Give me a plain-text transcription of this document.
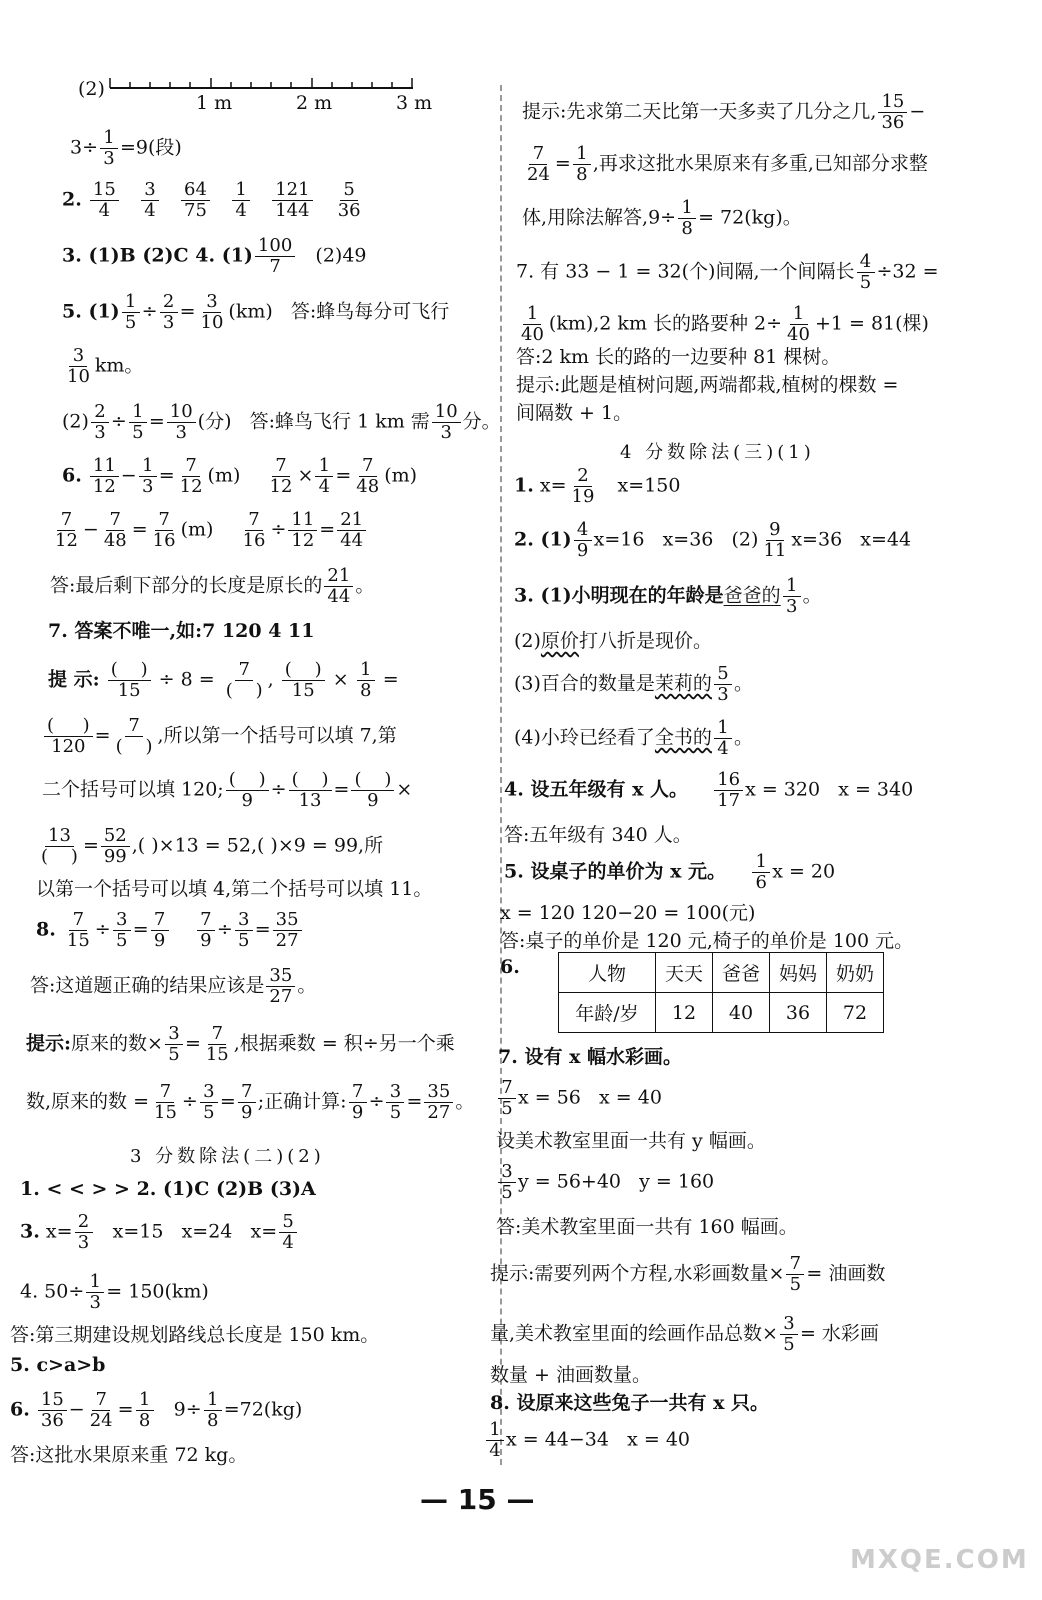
(2)
1 m	2 m	3 m
$3\div \frac{1}{3} =9$(段)
2. $\frac{15}{4}$
$\frac{3}{4}$
$\frac{64}{75}$
$\frac{1}{4}$
$\frac{121}{144}$
$\frac{5}{36}$
3. (1)B (2)C 4. $(1) \frac{100}{7} (2)49$
5. $(1) \frac{1}{5} \div \frac{2}{3} = \frac{3}{10} (km)$   答:蜂鸟每分可飞行
$\frac{3}{10}$ km。
$(2) \frac{2}{3} \div \frac{1}{5} = \frac{10}{3}$ (分)   答:蜂鸟飞行 1 km 需 $\frac{10}{3}$ 分。
6. $\frac{11}{12} - \frac{1}{3} = \frac{7}{12} (m) \frac{7}{12} \times \frac{1}{4} = \frac{7}{48} (m)$
$\frac{7}{12} - \frac{7}{48} = \frac{7}{16} (m) \frac{7}{16} \div \frac{11}{12} = \frac{21}{44}$
答:最后剩下部分的长度是原长的 $\frac{21}{44}$ 。
7. 答案不唯一,如:7 120 4 11
提 示: $\frac{( )}{15} \div 8 = \frac{7}{( )}$ , $\frac{( )}{15} \times \frac{1}{8}$ =
$\frac{( )}{120} = \frac{7}{( )}$ ,所以第一个括号可以填 7,第
二个括号可以填 120; $\frac{( )}{9} \div \frac{( )}{13} = \frac{( )}{9}$ ×
$\frac{13}{( )} = \frac{52}{99}$ ,( )×13 = 52,( )×9 = 99,所
以第一个括号可以填 4,第二个括号可以填 11。
8. $\frac{7}{15} \div \frac{3}{5} = \frac{7}{9}$
$\frac{7}{9} \div \frac{3}{5} = \frac{35}{27}$
答:这道题正确的结果应该是 $\frac{35}{27}$ 。
提示:原来的数× $\frac{3}{5} = \frac{7}{15}$ ,根据乘数 = 积÷另一个乘
数,原来的数 = $\frac{7}{15} \div \frac{3}{5} = \frac{7}{9}$ ;正确计算: $\frac{7}{9} \div \frac{3}{5} = \frac{35}{27}$ 。
3 分数除法(二)(2)
1. < < > > 2. (1)C (2)B (3)A
3. $x= \frac{2}{3} x=15$   x=24   $x= \frac{5}{4}$
4. $50\div \frac{1}{3} = 150(km)$
答:第三期建设规划路线总长度是 150 km。
5. c>a>b
6. $\frac{15}{36} - \frac{7}{24} = \frac{1}{8} 9\div \frac{1}{8} =72(kg)$
答:这批水果原来重 72 kg。
提示:先求第二天比第一天多卖了几分之几, $\frac{15}{36}$ −
$\frac{7}{24} = \frac{1}{8}$ ,再求这批水果原来有多重,已知部分求整
体,用除法解答$,9\div \frac{1}{8} = 72(kg)$。
7. 有 33 − 1 = 32(个)间隔,一个间隔长 $\frac{4}{5} \div 32$ =
$\frac{1}{40} (km),2$ km 长的路要种 $2\div \frac{1}{40} +1 = 81$(棵)
答:2 km 长的路的一边要种 81 棵树。
提示:此题是植树问题,两端都栽,植树的棵数 =
间隔数 + 1。
4 分数除法(三)(1)
1. $x= \frac{2}{19} x=150$
2. $(1) \frac{4}{9} x=16$   x=36   $(2) \frac{9}{11} x=36$   x=44
3. (1)小明现在的年龄是爸爸的 $\frac{1}{3}$ 。
(2)原价打八折是现价。
(3)百合的数量是茉莉的 $\frac{5}{3}$ 。
(4)小玲已经看了全书的 $\frac{1}{4}$ 。
4. 设五年级有 x 人。 $\frac{16}{17}$ x = 320   x = 340
答:五年级有 340 人。
5. 设桌子的单价为 x 元。 $\frac{1}{6}$ x = 20
x = 120 120−20 = 100(元)
答:桌子的单价是 120 元,椅子的单价是 100 元。
6.	人物	天天	爸爸	妈妈	奶奶
年龄/岁	12	40	36	72
7. 设有 x 幅水彩画。
$\frac{7}{5}$ x = 56   x = 40
设美术教室里面一共有 y 幅画。
$\frac{3}{5}$ y = 56+40   y = 160
答:美术教室里面一共有 160 幅画。
提示:需要列两个方程,水彩画数量× $\frac{7}{5}$ = 油画数
量,美术教室里面的绘画作品总数× $\frac{3}{5}$ = 水彩画
数量 + 油画数量。
8. 设原来这些兔子一共有 x 只。
$\frac{1}{4}$ x = 44−34   x = 40
— 15 —
MXQE.COM
